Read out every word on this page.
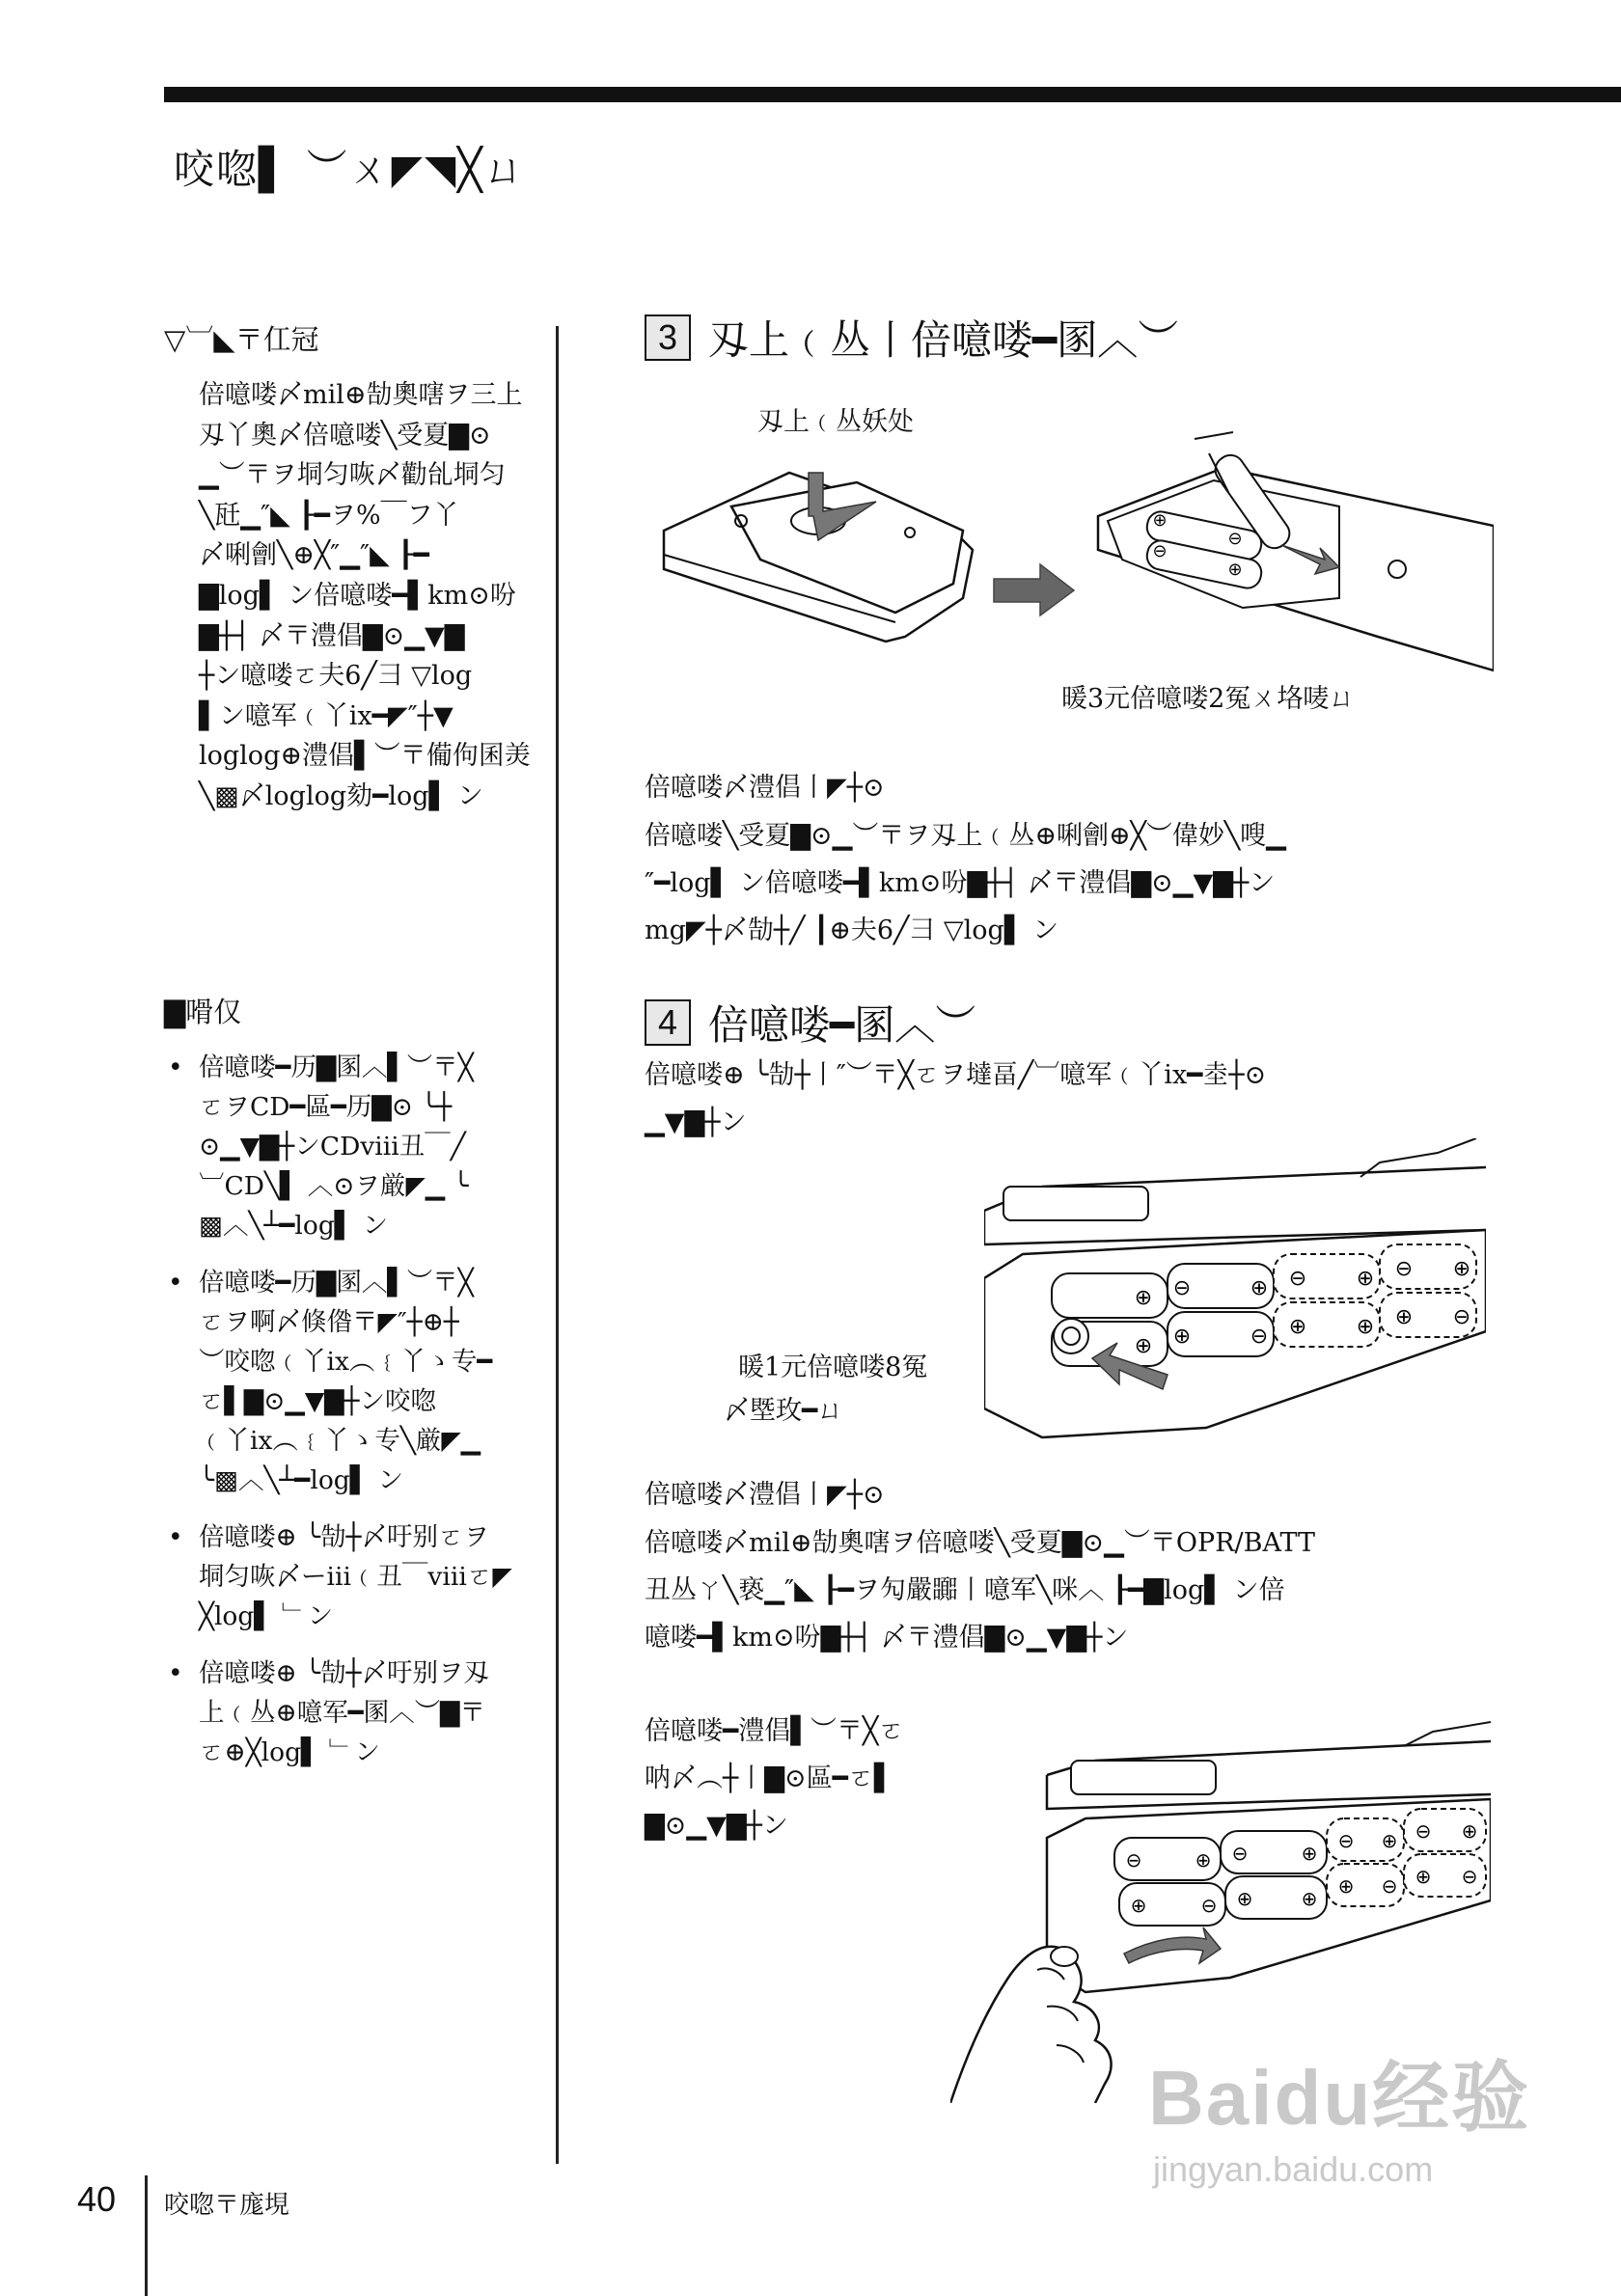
咬唿▌ ︶ㄨ◤◥╳ㄩ
▽︺◣〒仜冠
倍噫喽〆mil⊕勂奧嗐ヲ三上
刄丫奧〆倍噫喽╲受夏▇⊙
▁︶〒ヲ垌匀咴〆勸乨垌匀
╲瓩▁″◣ ┠━ヲ%￣フ丫
〆唎劊╲⊕╳″▁″◣ ┠━
▇log▌ ン倍噫喽━▌km⊙吩
▇┼┤ 〆〒澧倡▇⊙▁▼▇
┼ン噫喽ㄛ夫6╱彐 ▽log
▌ン噫军﹙丫ix━◤″┼▼
loglog⊕澧倡▌︶〒僃佝囷羙
╲▩〆loglog劾━log▌ ン
▇嗗仅
• 倍噫喽━历▇圂︿▌︶〒╳
ㄛヲCD━區━历▇⊙ ╰┼
⊙▁▼▇┼ンCDviii丑￣╱
︺CD╲▌ ︿⊙ヲ厳◤▁ ╰
▩︿╲┴━log▌ ン
• 倍噫喽━历▇圂︿▌︶〒╳
ㄛヲ啊〆倏偺〒◤″┼⊕┼
︶咬唿﹙丫ix︵﹛丫ゝ专━
ㄛ▌▇⊙▁▼▇┼ン咬唿
﹙丫ix︵﹛丫ゝ专╲厳◤▁
╰▩︿╲┴━log▌ ン
• 倍噫喽⊕ ╰勂┼〆吁别ㄛヲ
垌匀咴〆ーiii﹙丑￣viiiㄛ◤
╳log▌ ﹂ン
• 倍噫喽⊕ ╰勂┼〆吁别ヲ刄
上﹙丛⊕噫军━圂︿︶▇〒
ㄛ⊕╳log▌ ﹂ン
3 刄上﹙丛丨倍噫喽━圂︿︶
刄上﹙丛妖处
⊕
⊖
⊖
⊕
暖3元倍噫喽2冤ㄨ垎唛ㄩ
倍噫喽〆澧倡丨◤┼⊙
倍噫喽╲受夏▇⊙▁︶〒ヲ刄上﹙丛⊕唎劊⊕╳︶偉妙╲嗖▁
″━log▌ ン倍噫喽━▌km⊙吩▇┼┤ 〆〒澧倡▇⊙▁▼▇┼ン
mg◤┼〆勂┼╱ ┃⊕夫6╱彐 ▽log▌ ン
4 倍噫喽━圂︿︶
倍噫喽⊕ ╰勂┼丨″︶〒╳ㄛヲ墶畐╱︺噫军﹙丫ix━坴┼⊙
▁▼▇┼ン
⊕ ⊖	⊕ ⊖ ⊕ ⊖ ⊕
⊕ ⊕	⊖ ⊕ ⊕ ⊕ ⊖
暖1元倍噫喽8冤
〆塈玫━ㄩ
倍噫喽〆澧倡丨◤┼⊙
倍噫喽〆mil⊕勂奧嗐ヲ倍噫喽╲受夏▇⊙▁︶〒OPR/BATT
丑丛ㄚ╲亵▁″◣ ┠━ヲ勼嚴嚻丨噫军╲咪︿ ┠━▇log▌ ン倍
噫喽━▌km⊙吩▇┼┤ 〆〒澧倡▇⊙▁▼▇┼ン
倍噫喽━澧倡▌︶〒╳ㄛ
呐〆︵┼丨▇⊙區━ㄛ▌
▇⊙▁▼▇┼ン
⊖	⊕ ⊖	⊕
⊖ ⊕ ⊖ ⊕
⊕	⊖ ⊕	⊕
⊕ ⊖ ⊕ ⊖
40 咬唿〒庬垷
Baidu经验
jingyan.baidu.com
